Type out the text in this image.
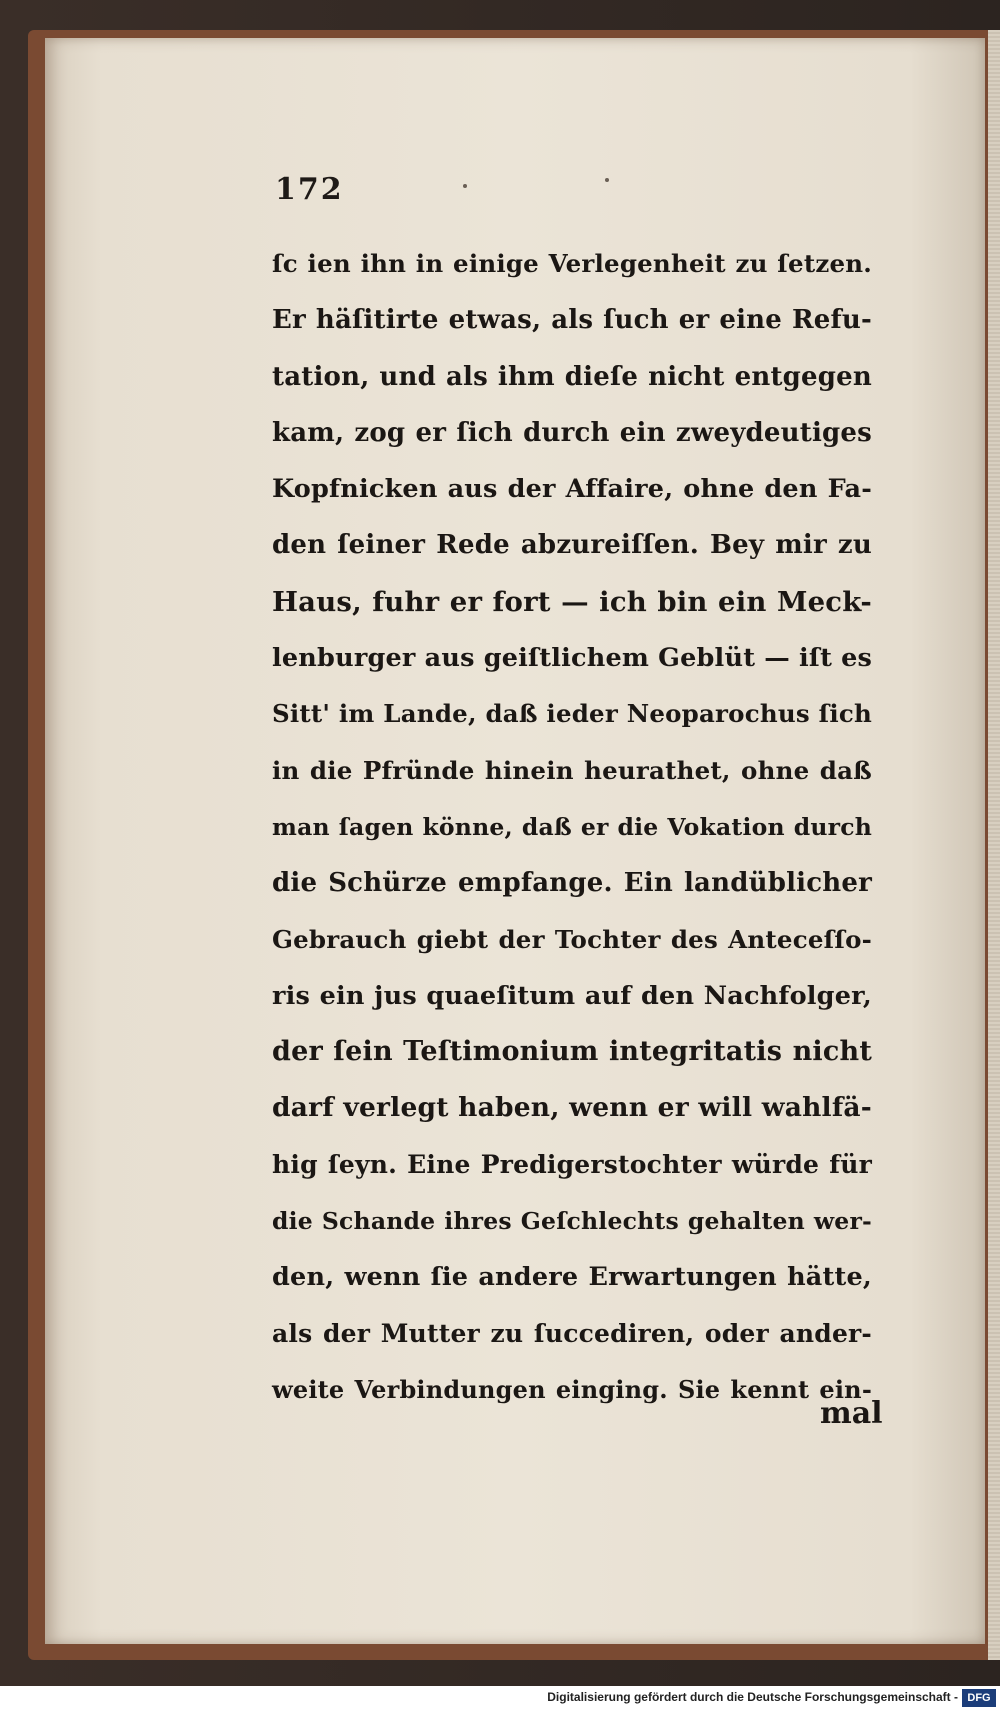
172
ſc ien ihn in einige Verlegenheit zu ſetzen.
Er häſitirte etwas, als ſuch er eine Refu-
tation, und als ihm dieſe nicht entgegen
kam, zog er ſich durch ein zweydeutiges
Kopfnicken aus der Affaire, ohne den Fa-
den ſeiner Rede abzureiſſen. Bey mir zu
Haus, fuhr er fort — ich bin ein Meck-
lenburger aus geiſtlichem Geblüt — iſt es
Sitt' im Lande, daß ieder Neoparochus ſich
in die Pfründe hinein heurathet, ohne daß
man ſagen könne, daß er die Vokation durch
die Schürze empfange. Ein landüblicher
Gebrauch giebt der Tochter des Anteceſſo-
ris ein jus quaeſitum auf den Nachfolger,
der ſein Teſtimonium integritatis nicht
darf verlegt haben, wenn er will wahlfä-
hig ſeyn. Eine Predigerstochter würde für
die Schande ihres Geſchlechts gehalten wer-
den, wenn ſie andere Erwartungen hätte,
als der Mutter zu ſuccediren, oder ander-
weite Verbindungen einging. Sie kennt ein-
mal
Digitalisierung gefördert durch die Deutsche Forschungsgemeinschaft - DFG
